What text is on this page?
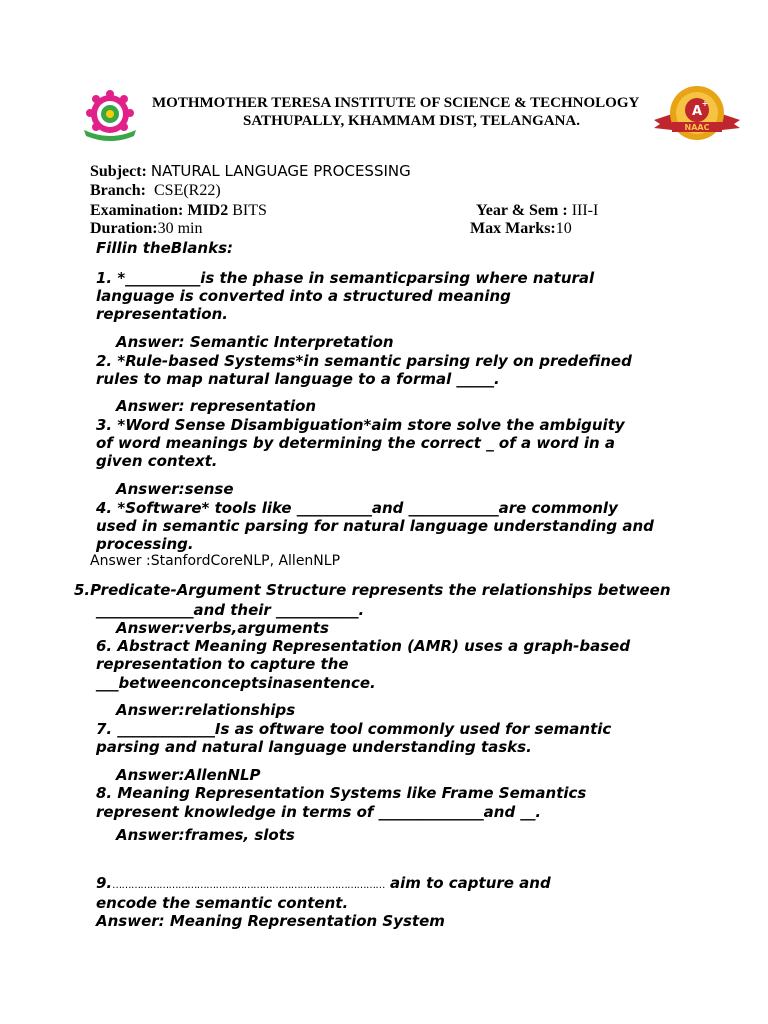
MOTHMOTHER TERESA INSTITUTE OF SCIENCE & TECHNOLOGY
SATHUPALLY, KHAMMAM DIST, TELANGANA.
A
+
NAAC
Subject: NATURAL LANGUAGE PROCESSING
Branch: CSE(R22)
Examination: MID2 BITS	Year & Sem : III-I
Duration:30 min	Max Marks:10
Fillin theBlanks:
1. *__________is the phase in semanticparsing where natural
language is converted into a structured meaning
representation.
Answer: Semantic Interpretation
2. *Rule-based Systems*in semantic parsing rely on predefined
rules to map natural language to a formal _____.
Answer: representation
3. *Word Sense Disambiguation*aim store solve the ambiguity
of word meanings by determining the correct _ of a word in a
given context.
Answer:sense
4. *Software* tools like __________and ____________are commonly
used in semantic parsing for natural language understanding and
processing.
Answer :StanfordCoreNLP, AllenNLP
5.Predicate-Argument Structure represents the relationships between
_____________and their ___________.
Answer:verbs,arguments
6. Abstract Meaning Representation (AMR) uses a graph-based
representation to capture the
___betweenconceptsinasentence.
Answer:relationships
7. _____________Is as oftware tool commonly used for semantic
parsing and natural language understanding tasks.
Answer:AllenNLP
8. Meaning Representation Systems like Frame Semantics
represent knowledge in terms of ______________and __.
Answer:frames, slots
9.…………………………………………………………………………… aim to capture and
encode the semantic content.
Answer: Meaning Representation System
